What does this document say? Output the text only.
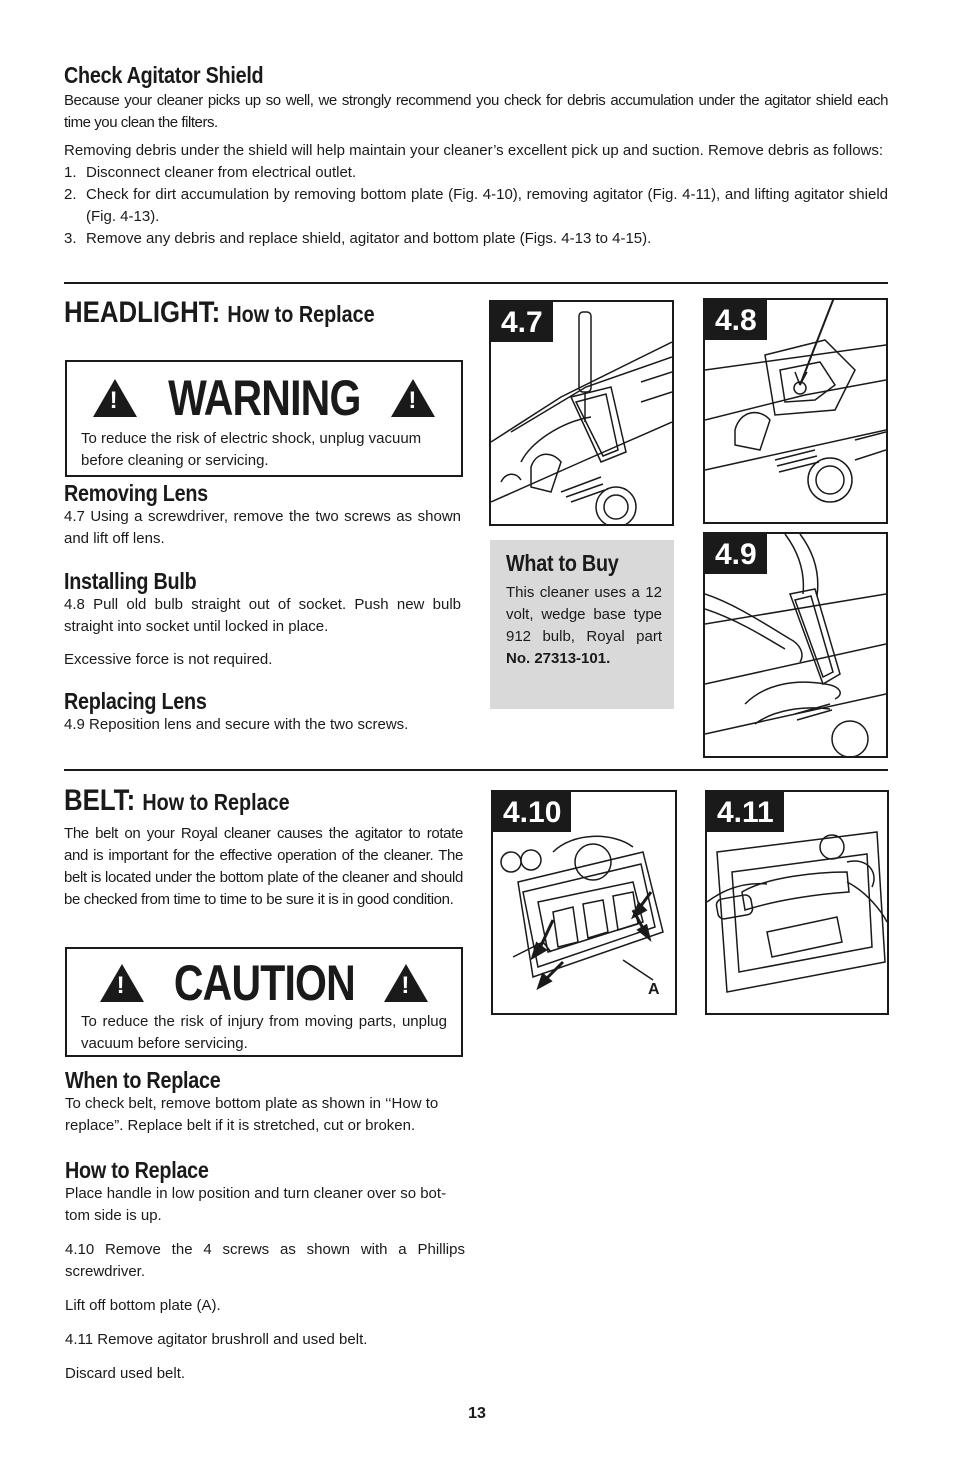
Check Agitator Shield

Because your cleaner picks up so well, we strongly recommend you check for debris accumulation under the agitator shield each time you clean the filters.

Removing debris under the shield will help maintain your cleaner’s excellent pick up and suction. Remove debris as follows:

1. Disconnect cleaner from electrical outlet.
2. Check for dirt accumulation by removing bottom plate (Fig. 4-10), removing agitator (Fig. 4-11), and lifting agitator shield (Fig. 4-13).
3. Remove any debris and replace shield, agitator and bottom plate (Figs. 4-13 to 4-15).
HEADLIGHT: How to Replace
! WARNING !

To reduce the risk of electric shock, unplug vacuum before cleaning or servicing.

Removing Lens

4.7 Using a screwdriver, remove the two screws as shown and lift off lens.

Installing Bulb

4.8 Pull old bulb straight out of socket. Push new bulb straight into socket until locked in place.

Excessive force is not required.

Replacing Lens

4.9 Reposition lens and secure with the two screws.

4.7	4.8
What to Buy

This cleaner uses a 12 volt, wedge base type 912 bulb, Royal part No. 27313-101.

4.9
BELT: How to Replace

The belt on your Royal cleaner causes the agitator to rotate and is important for the effective operation of the cleaner. The belt is located under the bottom plate of the cleaner and should be checked from time to time to be sure it is in good condition.

! CAUTION !

To reduce the risk of injury from moving parts, unplug vacuum before servicing.

When to Replace

To check belt, remove bottom plate as shown in ‘‘How to replace”. Replace belt if it is stretched, cut or broken.

How to Replace

Place handle in low position and turn cleaner over so bot-tom side is up.

4.10 Remove the 4 screws as shown with a Phillips screwdriver.

Lift off bottom plate (A).

4.11 Remove agitator brushroll and used belt.

Discard used belt.

4.10
A
4.11
13
